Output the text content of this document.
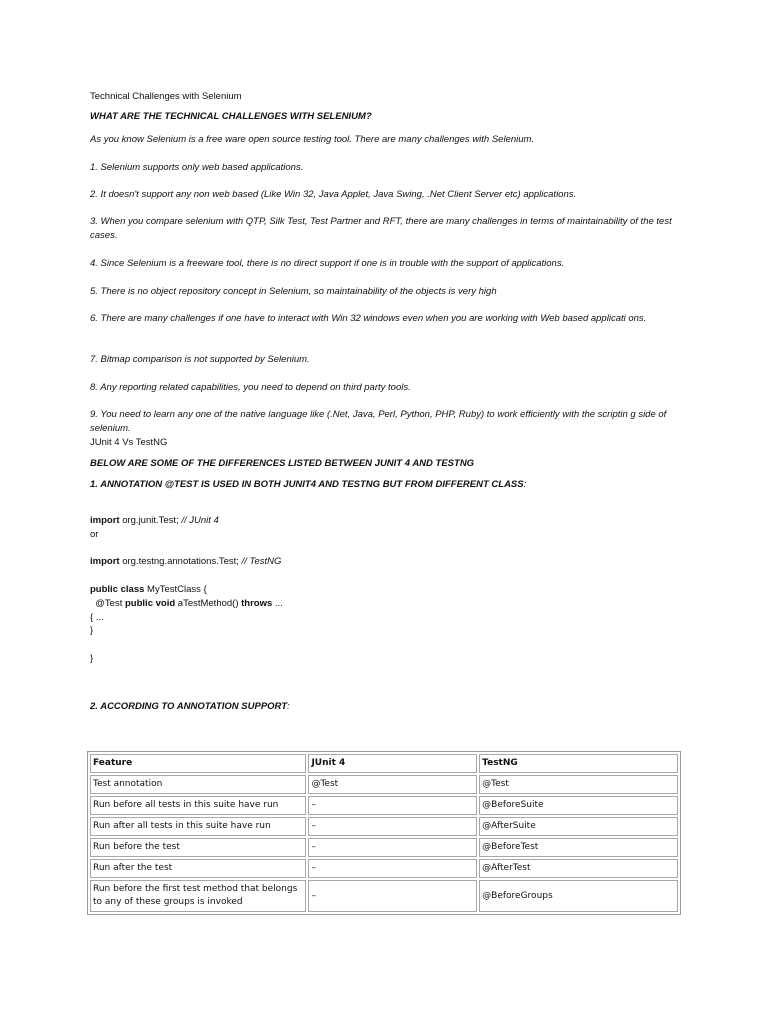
Technical Challenges with Selenium

WHAT ARE THE TECHNICAL CHALLENGES WITH SELENIUM?

As you know Selenium is a free ware open source testing tool. There are many challenges with Selenium.

1. Selenium supports only web based applications.

2. It doesn't support any non web based (Like Win 32, Java Applet, Java Swing, .Net Client Server etc) applications.

3. When you compare selenium with QTP, Silk Test, Test Partner and RFT, there are many challenges in terms of maintainability of the test cases.

4. Since Selenium is a freeware tool, there is no direct support if one is in trouble with the support of applications.

5. There is no object repository concept in Selenium, so maintainability of the objects is very high

6. There are many challenges if one have to interact with Win 32 windows even when you are working with Web based applicati ons.

7. Bitmap comparison is not supported by Selenium.

8. Any reporting related capabilities, you need to depend on third party tools.

9. You need to learn any one of the native language like (.Net, Java, Perl, Python, PHP, Ruby) to work efficiently with the scriptin g side of selenium.

JUnit 4 Vs TestNG

BELOW ARE SOME OF THE DIFFERENCES LISTED BETWEEN JUNIT 4 AND TESTNG

1. ANNOTATION @TEST IS USED IN BOTH JUNIT4 AND TESTNG BUT FROM DIFFERENT CLASS:

import org.junit.Test; // JUnit 4

or

import org.testng.annotations.Test; // TestNG

public class MyTestClass {

@Test public void aTestMethod() throws ...

{ ...

}

}

2. ACCORDING TO ANNOTATION SUPPORT:

Feature	JUnit 4	TestNG
Test annotation	@Test	@Test
Run before all tests in this suite have run	–	@BeforeSuite
Run after all tests in this suite have run	–	@AfterSuite
Run before the test	–	@BeforeTest
Run after the test	–	@AfterTest
Run before the first test method that belongs to any of these groups is invoked	–	@BeforeGroups
